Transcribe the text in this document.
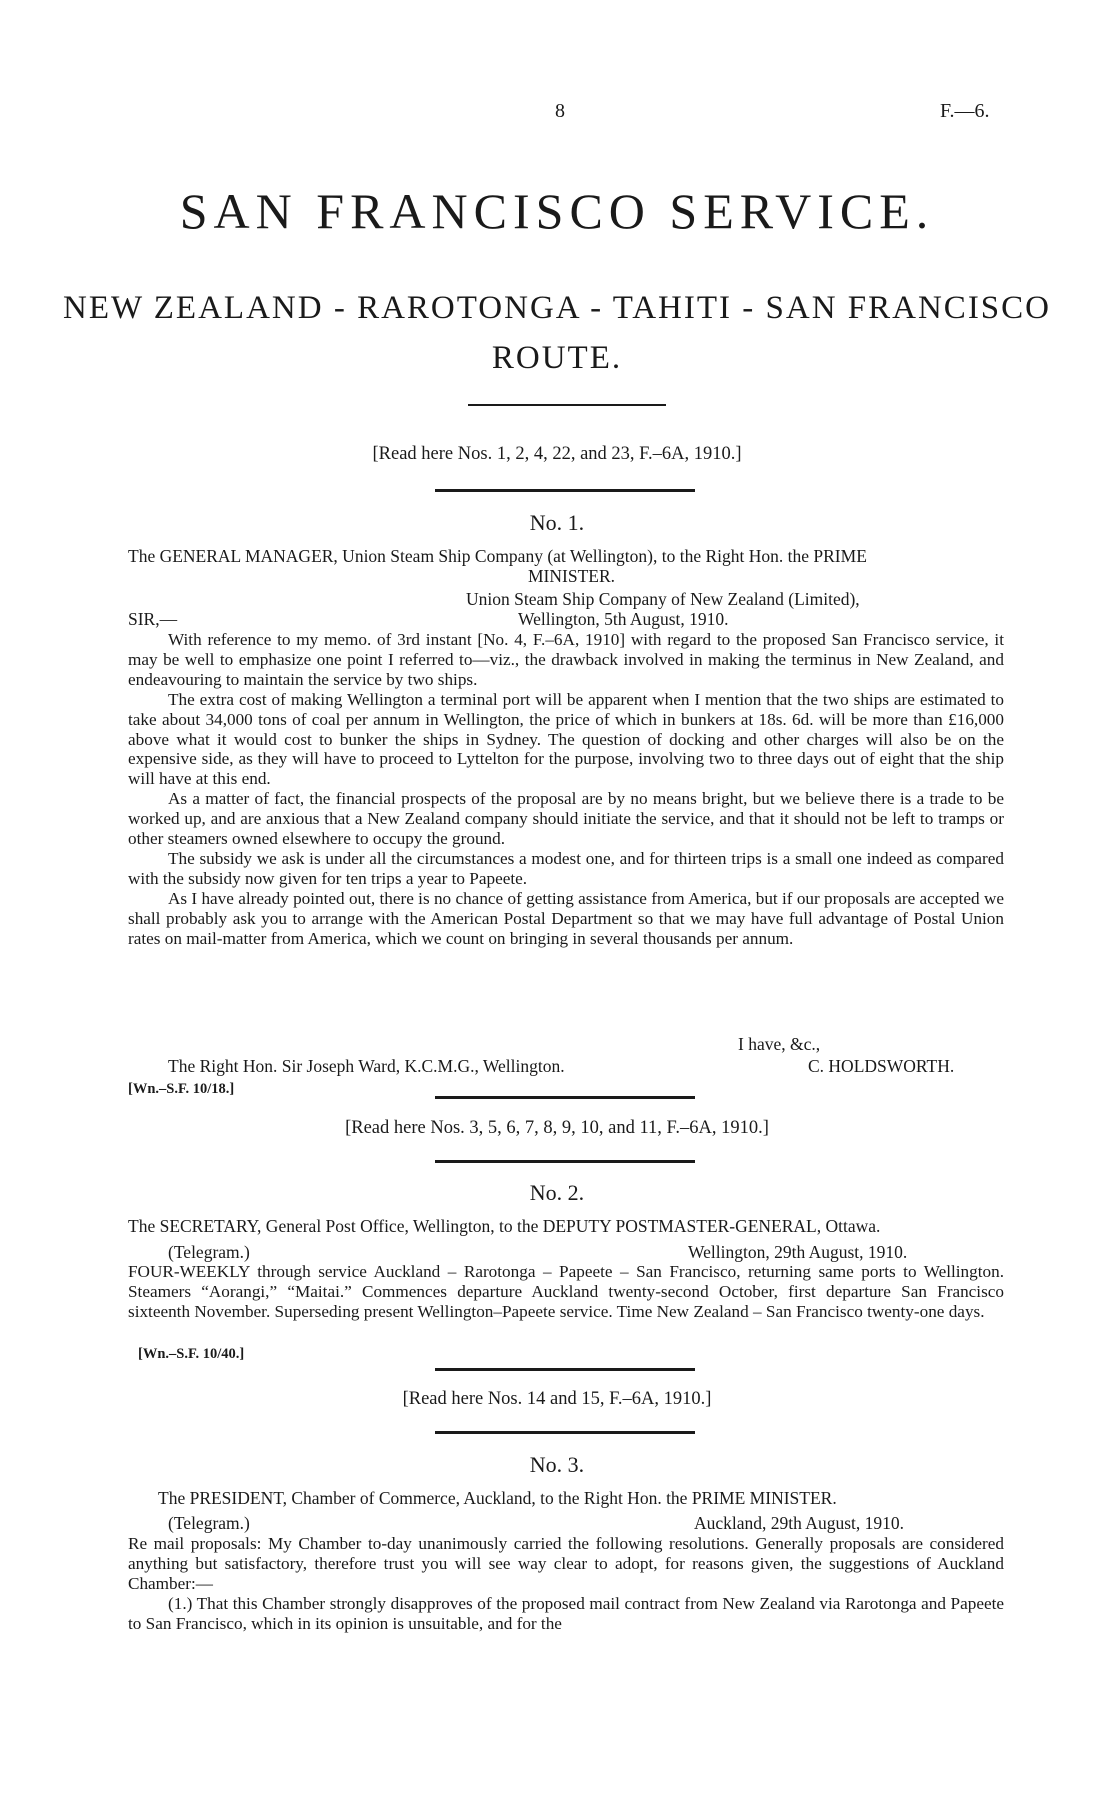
8	F.—6.
SAN FRANCISCO SERVICE.
NEW ZEALAND - RAROTONGA - TAHITI - SAN FRANCISCO
ROUTE.
[Read here Nos. 1, 2, 4, 22, and 23, F.–6A, 1910.]
No. 1.
The GENERAL MANAGER, Union Steam Ship Company (at Wellington), to the Right Hon. the PRIME
MINISTER.
Union Steam Ship Company of New Zealand (Limited),
SIR,—	Wellington, 5th August, 1910.

With reference to my memo. of 3rd instant [No. 4, F.–6A, 1910] with regard to the proposed San Francisco service, it may be well to emphasize one point I referred to—viz., the drawback involved in making the terminus in New Zealand, and endeavouring to maintain the service by two ships.

The extra cost of making Wellington a terminal port will be apparent when I mention that the two ships are estimated to take about 34,000 tons of coal per annum in Wellington, the price of which in bunkers at 18s. 6d. will be more than £16,000 above what it would cost to bunker the ships in Sydney. The question of docking and other charges will also be on the expensive side, as they will have to proceed to Lyttelton for the purpose, involving two to three days out of eight that the ship will have at this end.

As a matter of fact, the financial prospects of the proposal are by no means bright, but we believe there is a trade to be worked up, and are anxious that a New Zealand company should initiate the service, and that it should not be left to tramps or other steamers owned elsewhere to occupy the ground.

The subsidy we ask is under all the circumstances a modest one, and for thirteen trips is a small one indeed as compared with the subsidy now given for ten trips a year to Papeete.

As I have already pointed out, there is no chance of getting assistance from America, but if our proposals are accepted we shall probably ask you to arrange with the American Postal Department so that we may have full advantage of Postal Union rates on mail-matter from America, which we count on bringing in several thousands per annum.

I have, &c.,
The Right Hon. Sir Joseph Ward, K.C.M.G., Wellington.	C. HOLDSWORTH.
[Wn.–S.F. 10/18.]
[Read here Nos. 3, 5, 6, 7, 8, 9, 10, and 11, F.–6A, 1910.]
No. 2.
The SECRETARY, General Post Office, Wellington, to the DEPUTY POSTMASTER-GENERAL, Ottawa.
(Telegram.)	Wellington, 29th August, 1910.

FOUR-WEEKLY through service Auckland – Rarotonga – Papeete – San Francisco, returning same ports to Wellington. Steamers “Aorangi,” “Maitai.” Commences departure Auckland twenty-second October, first departure San Francisco sixteenth November. Superseding present Wellington–Papeete service. Time New Zealand – San Francisco twenty-one days.

[Wn.–S.F. 10/40.]
[Read here Nos. 14 and 15, F.–6A, 1910.]
No. 3.
The PRESIDENT, Chamber of Commerce, Auckland, to the Right Hon. the PRIME MINISTER.
(Telegram.)	Auckland, 29th August, 1910.

Re mail proposals: My Chamber to-day unanimously carried the following resolutions. Generally proposals are considered anything but satisfactory, therefore trust you will see way clear to adopt, for reasons given, the suggestions of Auckland Chamber:—

(1.) That this Chamber strongly disapproves of the proposed mail contract from New Zealand via Rarotonga and Papeete to San Francisco, which in its opinion is unsuitable, and for the
